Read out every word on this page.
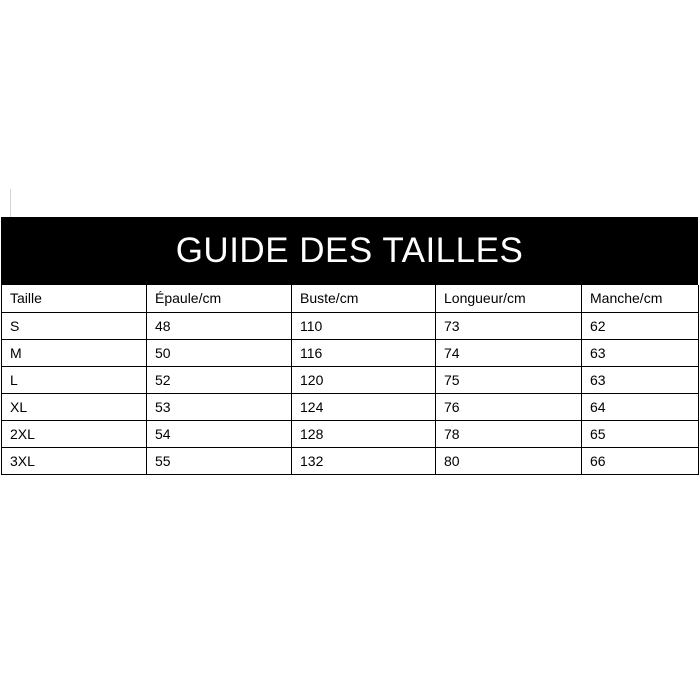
GUIDE DES TAILLES
Taille	Épaule/cm	Buste/cm	Longueur/cm	Manche/cm
S	48	110	73	62
M	50	116	74	63
L	52	120	75	63
XL	53	124	76	64
2XL	54	128	78	65
3XL	55	132	80	66
